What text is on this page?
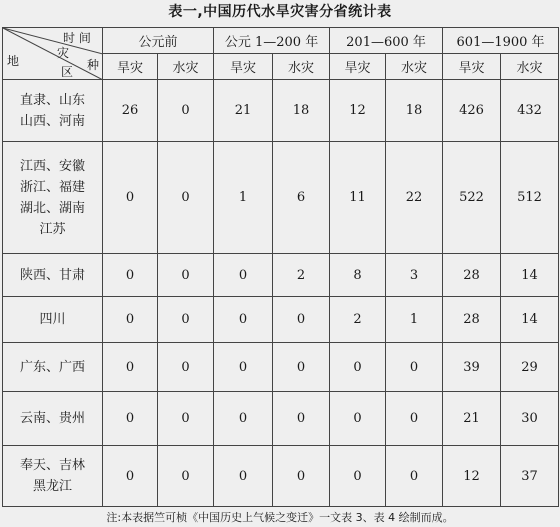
表一,中国历代水旱灾害分省统计表
时 间
灾
种
区
地	公元前		公元 1—200 年		201—600 年		601—1900 年	
	旱灾	水灾	旱灾	水灾	旱灾	水灾	旱灾	水灾

直隶、山东
山西、河南	26	0	21	18	12	18	426	432

江西、安徽
浙江、福建
湖北、湖南
江苏	0	0	1	6	11	22	522	512

陕西、甘肃	0	0	0	2	8	3	28	14

四川	0	0	0	0	2	1	28	14

广东、广西	0	0	0	0	0	0	39	29

云南、贵州	0	0	0	0	0	0	21	30

奉天、吉林
黑龙江	0	0	0	0	0	0	12	37
注:本表据竺可桢《中国历史上气候之变迁》一文表 3、表 4 绘制而成。
